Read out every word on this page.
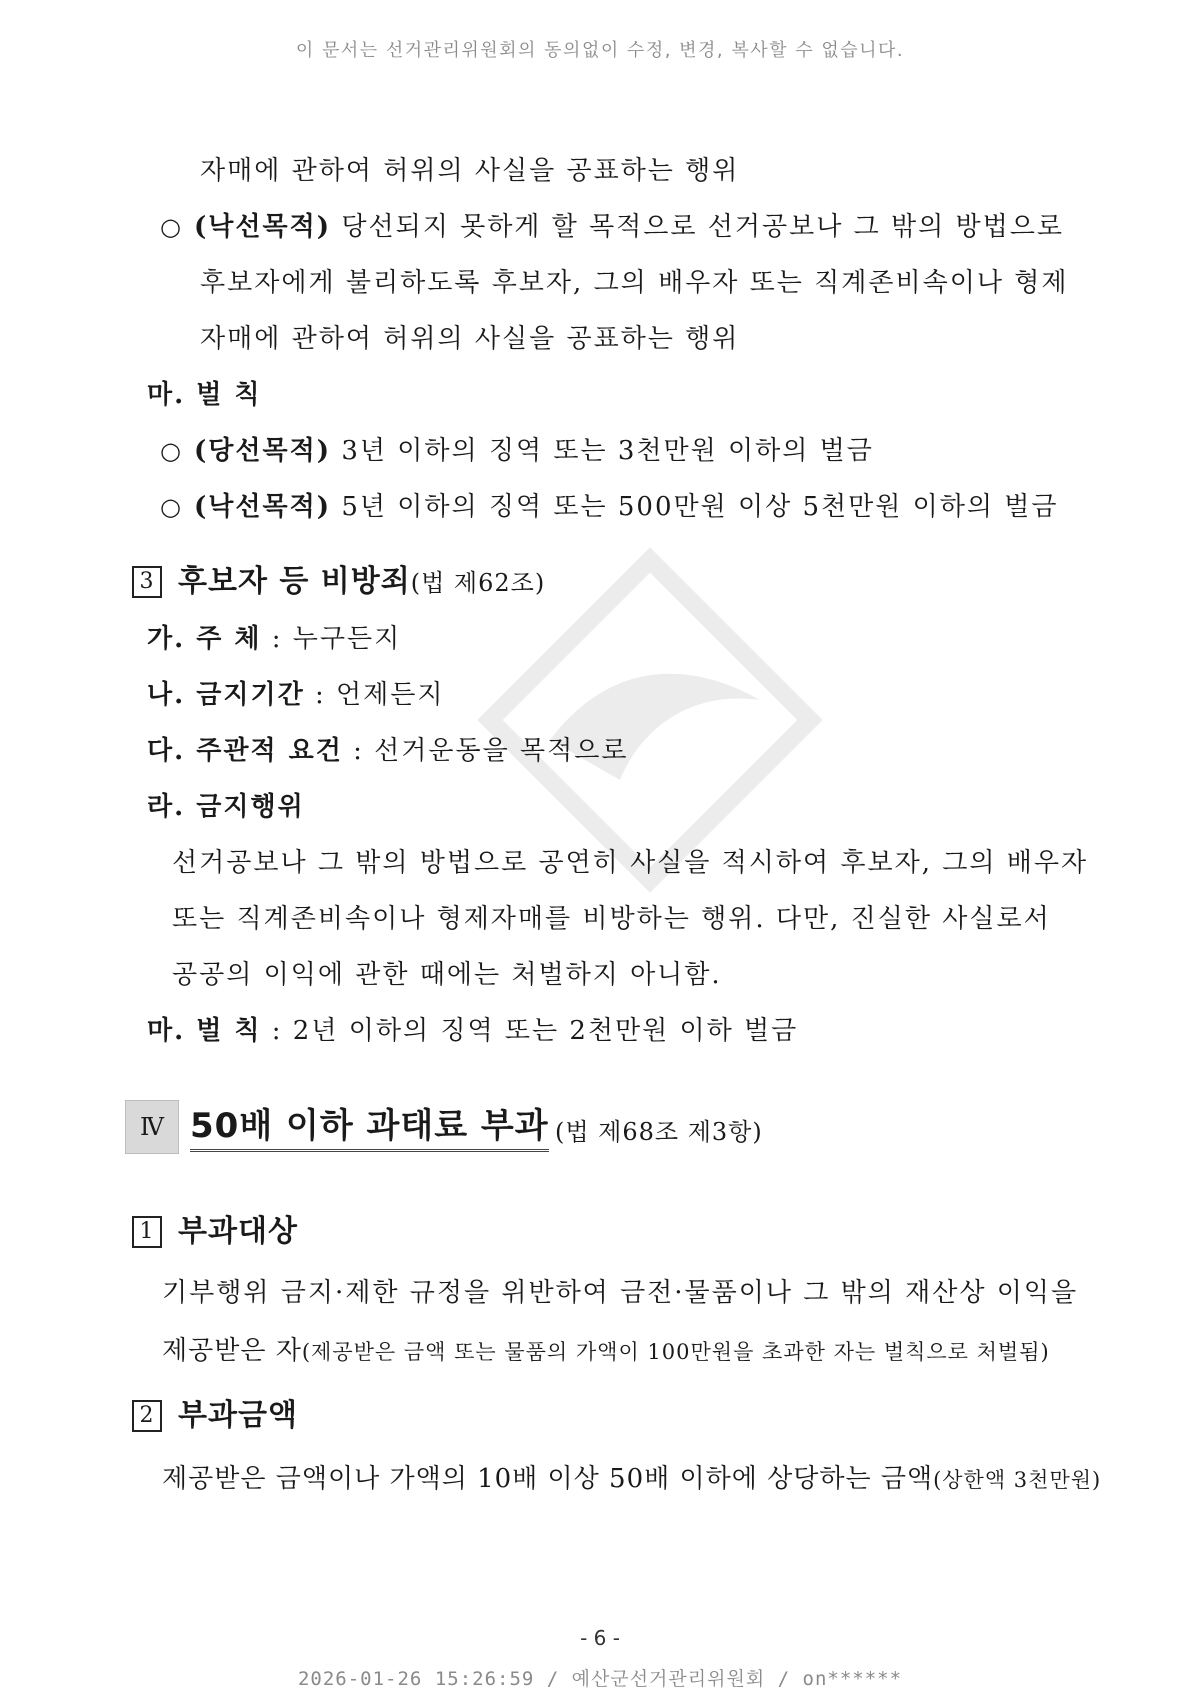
이 문서는 선거관리위원회의 동의없이 수정, 변경, 복사할 수 없습니다.
자매에 관하여 허위의 사실을 공표하는 행위
○ (낙선목적) 당선되지 못하게 할 목적으로 선거공보나 그 밖의 방법으로
후보자에게 불리하도록 후보자, 그의 배우자 또는 직계존비속이나 형제
자매에 관하여 허위의 사실을 공표하는 행위
마. 벌 칙
○ (당선목적) 3년 이하의 징역 또는 3천만원 이하의 벌금
○ (낙선목적) 5년 이하의 징역 또는 500만원 이상 5천만원 이하의 벌금
3 후보자 등 비방죄(법 제62조)
가. 주 체 : 누구든지
나. 금지기간 : 언제든지
다. 주관적 요건 : 선거운동을 목적으로
라. 금지행위
선거공보나 그 밖의 방법으로 공연히 사실을 적시하여 후보자, 그의 배우자
또는 직계존비속이나 형제자매를 비방하는 행위. 다만, 진실한 사실로서
공공의 이익에 관한 때에는 처벌하지 아니함.
마. 벌 칙 : 2년 이하의 징역 또는 2천만원 이하 벌금
Ⅳ 50배 이하 과태료 부과 (법 제68조 제3항)
1 부과대상
기부행위 금지·제한 규정을 위반하여 금전·물품이나 그 밖의 재산상 이익을
제공받은 자(제공받은 금액 또는 물품의 가액이 100만원을 초과한 자는 벌칙으로 처벌됨)
2 부과금액
제공받은 금액이나 가액의 10배 이상 50배 이하에 상당하는 금액(상한액 3천만원)
- 6 -
2026-01-26 15:26:59 / 예산군선거관리위원회 / on******
